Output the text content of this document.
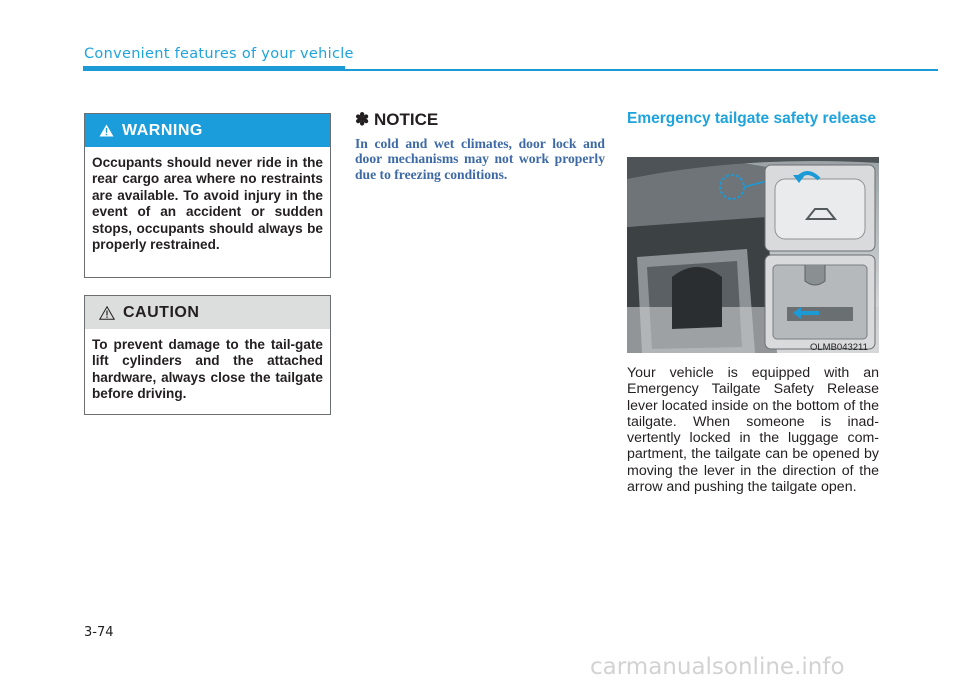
Convenient features of your vehicle
WARNING
Occupants should never ride in the rear cargo area where no restraints are available. To avoid injury in the event of an accident or sudden stops, occupants should always be properly restrained.
CAUTION
To prevent damage to the tail-gate lift cylinders and the attached hardware, always close the tailgate before driving.
✽ NOTICE
In cold and wet climates, door lock and door mechanisms may not work properly due to freezing conditions.
Emergency tailgate safety release
OLMB043211
Your vehicle is equipped with an Emergency Tailgate Safety Release lever located inside on the bottom of the tailgate. When someone is inad-vertently locked in the luggage com-partment, the tailgate can be opened by moving the lever in the direction of the arrow and pushing the tailgate open.
3-74
carmanualsonline.info
